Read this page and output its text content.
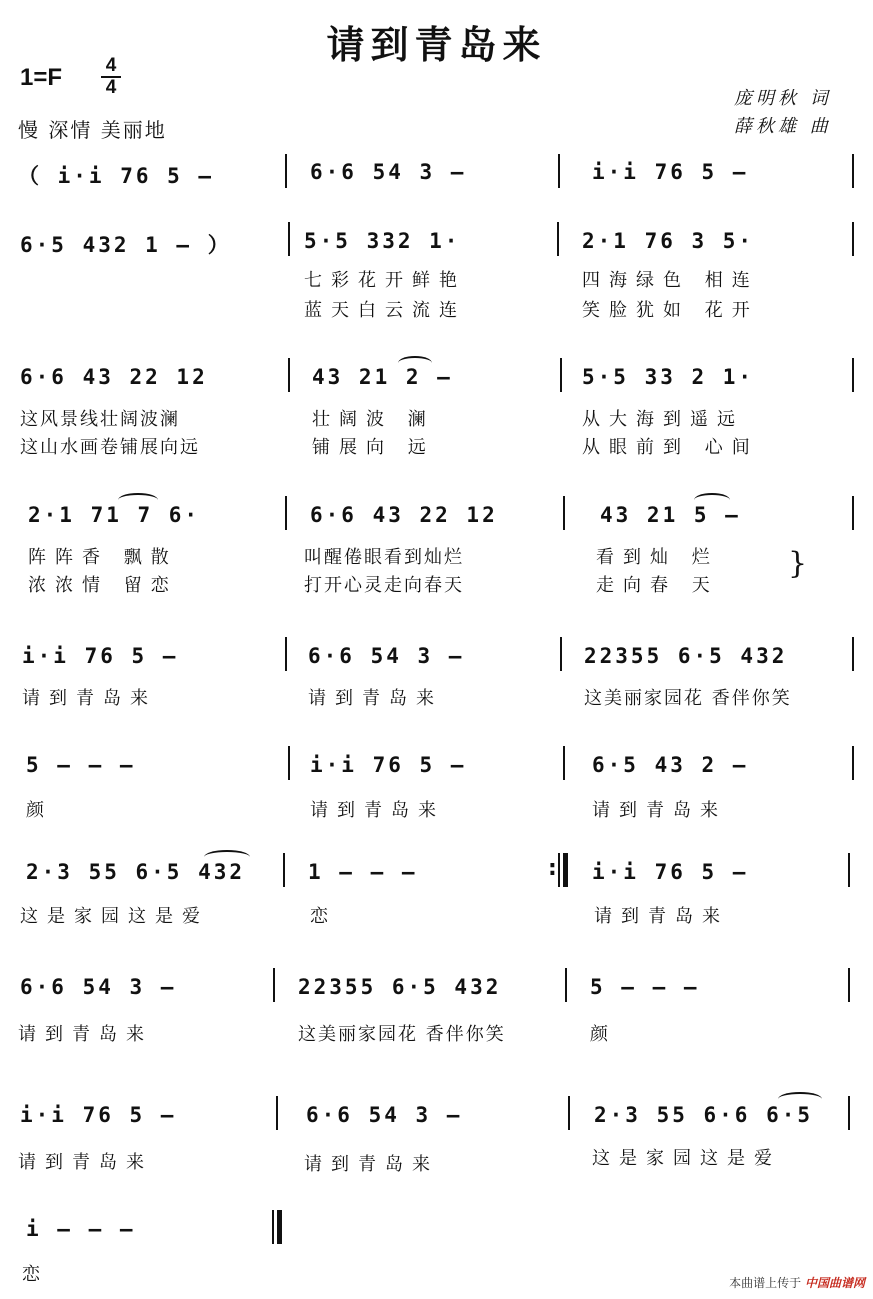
请到青岛来
1=F	4
4
慢 深情 美丽地
庞明秋 词
薛秋雄 曲
（ i·i 76 5 —	6·6 54 3 —	i·i 76 5 —
6·5 432 1 — ）	5·5 332 1·	2·1 76 3 5·
七彩花开鲜艳	四海绿色 相连
蓝天白云流连	笑脸犹如 花开
6·6 43 22 12	43 21 2 —	5·5 33 2 1·
这风景线壮阔波澜	壮阔波 澜	从大海到遥远
这山水画卷铺展向远	铺展向 远	从眼前到 心间
2·1 71 7 6·	6·6 43 22 12	43 21 5 —
阵阵香 飘散	叫醒倦眼看到灿烂	看到灿 烂
浓浓情 留恋	打开心灵走向春天	走向春 天
}
i·i 76 5 —	6·6 54 3 —	22355 6·5 432
请到青岛来	请到青岛来	这美丽家园花 香伴你笑
5 — — —	i·i 76 5 —	6·5 43 2 —
颜	请到青岛来	请到青岛来
2·3 55 6·5 432	1 — — —	: i·i 76 5 —
这是家园这是爱	恋	请到青岛来
6·6 54 3 —	22355 6·5 432	5 — — —
请到青岛来	这美丽家园花 香伴你笑	颜
i·i 76 5 —	6·6 54 3 —	2·3 55 6·6 6·5
请到青岛来	请到青岛来	这是家园这是爱
i — — —
恋	本曲谱上传于 中国曲谱网
